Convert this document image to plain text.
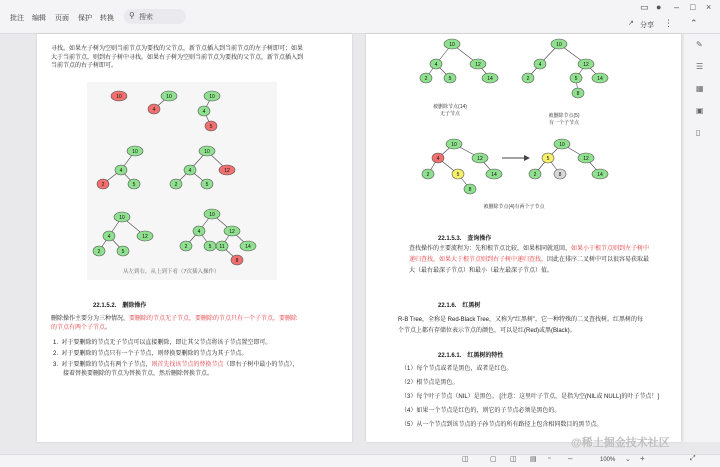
批注 编辑 页面 保护 转换 ⚲ 搜索
▭ ● – □ ×
↗ 分享 ⋮ ⌃
寻找。如果左子树为空则当前节点为要找的父节点，新节点插入到当前节点的左子树即可；如果
大于当前节点，则到右子树中寻找。如果右子树为空则当前节点为要找的父节点，新节点插入到
当前节点的右子树即可。
10	10
4
10
4
5
10
4
2	5
10
4	12
2	5
10
4	12
2	5
10
4	12
2	5	14
11
8
从左到右，从上到下看（7次插入操作）
22.1.5.2.　删除操作
删除操作主要分为三种情况，要删除的节点无子节点，要删除的节点只有一个子节点，要删除
的节点有两个子节点。
1. 对于要删除的节点无子节点可以直接删除，即让其父节点将该子节点置空即可。
2. 对于要删除的节点只有一个子节点，则替换要删除的节点为其子节点。
3. 对于要删除的节点有两个子节点，则首先找该节点的替换节点（即右子树中最小的节点），
接着替换要删除的节点为替换节点，然后删除替换节点。
10
4	12
2	5	14
10
4	12
2	5	14
8
10
4	12
2	5	14
8
10
5	12
2	8	14
被删除节点(14)
无子节点	被删除节点(5)
有一个子节点
被删除节点(4)有两个子节点
22.1.5.3.　查询操作
查找操作的主要流程为：先和根节点比较，如果相同就返回，如果小于根节点则到左子树中
递归查找，如果大于根节点则到右子树中递归查找。因此在排序二叉树中可以很容易获取最
大（最右最深子节点）和最小（最左最深子节点）值。
22.1.6.　红黑树
R-B Tree，全称是 Red-Black Tree，又称为“红黑树”，它一种特殊的二叉查找树。红黑树的每
个节点上都有存储位表示节点的颜色，可以是红(Red)或黑(Black)。
22.1.6.1.　红黑树的特性
（1）每个节点或者是黑色，或者是红色。
（2）根节点是黑色。
（3）每个叶子节点（NIL）是黑色。 [注意：这里叶子节点，是指为空(NIL或 NULL)的叶子节点！]
（4）如果一个节点是红色的，则它的子节点必须是黑色的。
（5）从一个节点到该节点的子孙节点的所有路径上包含相同数目的黑节点。
✎
☰
▦
▣
▯
◫	▢ ◫ ▤ ▫ –	100% ⌄ +	⤢
@稀土掘金技术社区
